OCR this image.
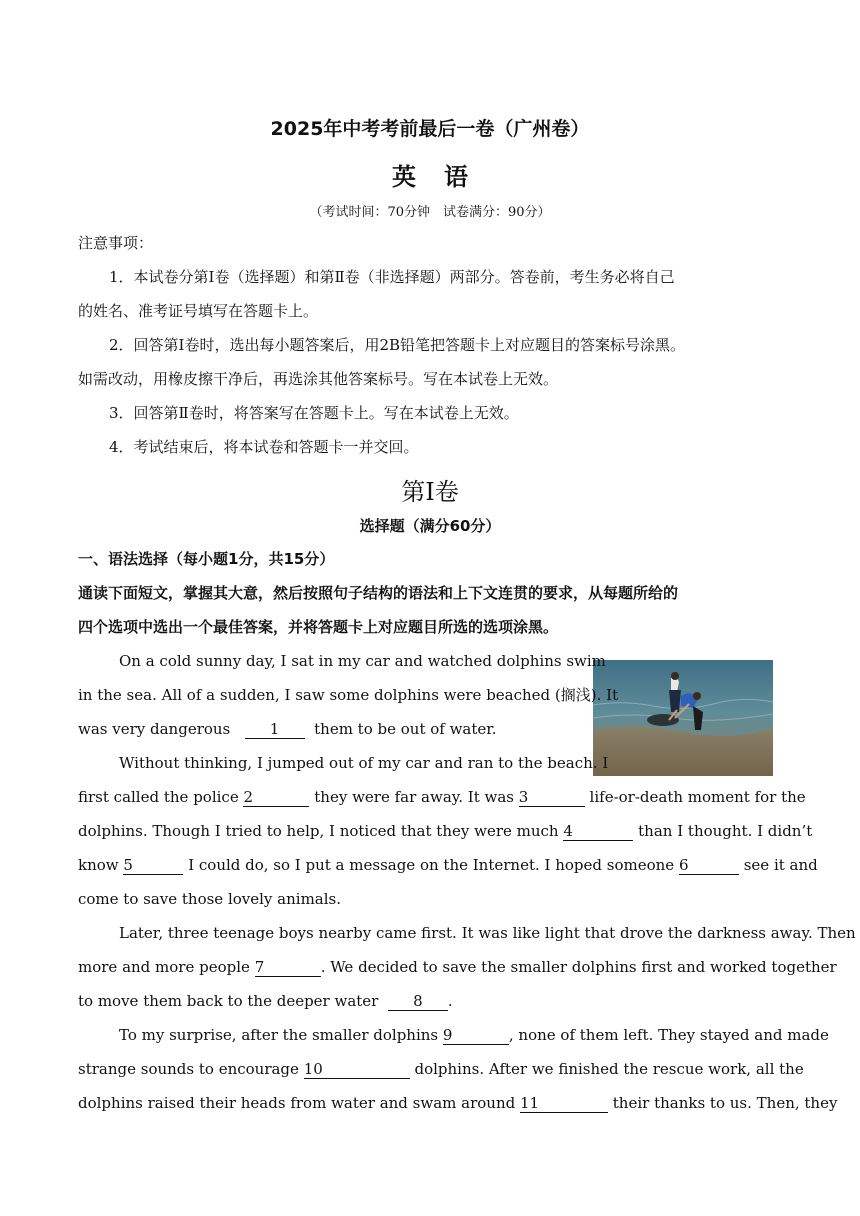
2025年中考考前最后一卷（广州卷）
英 语
（考试时间：70分钟　试卷满分：90分）
注意事项：
1．本试卷分第Ⅰ卷（选择题）和第Ⅱ卷（非选择题）两部分。答卷前，考生务必将自己
的姓名、准考证号填写在答题卡上。
2．回答第Ⅰ卷时，选出每小题答案后，用2B铅笔把答题卡上对应题目的答案标号涂黑。
如需改动，用橡皮擦干净后，再选涂其他答案标号。写在本试卷上无效。
3．回答第Ⅱ卷时，将答案写在答题卡上。写在本试卷上无效。
4．考试结束后，将本试卷和答题卡一并交回。
第Ⅰ卷
选择题（满分60分）
一、语法选择（每小题1分，共15分）
通读下面短文，掌握其大意，然后按照句子结构的语法和上下文连贯的要求，从每题所给的
四个选项中选出一个最佳答案，并将答题卡上对应题目所选的选项涂黑。
On a cold sunny day, I sat in my car and watched dolphins swim
in the sea. All of a sudden, I saw some dolphins were beached (搁浅). It
was very dangerous	1 them to be out of water.
Without thinking, I jumped out of my car and ran to the beach. I
first called the police 2	they were far away. It was 3	life-or-death moment for the
dolphins. Though I tried to help, I noticed that they were much 4	than I thought. I didn’t
know 5	I could do, so I put a message on the Internet. I hoped someone 6	see it and
come to save those lovely animals.
Later, three teenage boys nearby came first. It was like light that drove the darkness away. Then
more and more people 7	. We decided to save the smaller dolphins first and worked together
to move them back to the deeper water 8 .
To my surprise, after the smaller dolphins 9	, none of them left. They stayed and made
strange sounds to encourage 10	dolphins. After we finished the rescue work, all the
dolphins raised their heads from water and swam around 11	their thanks to us. Then, they
